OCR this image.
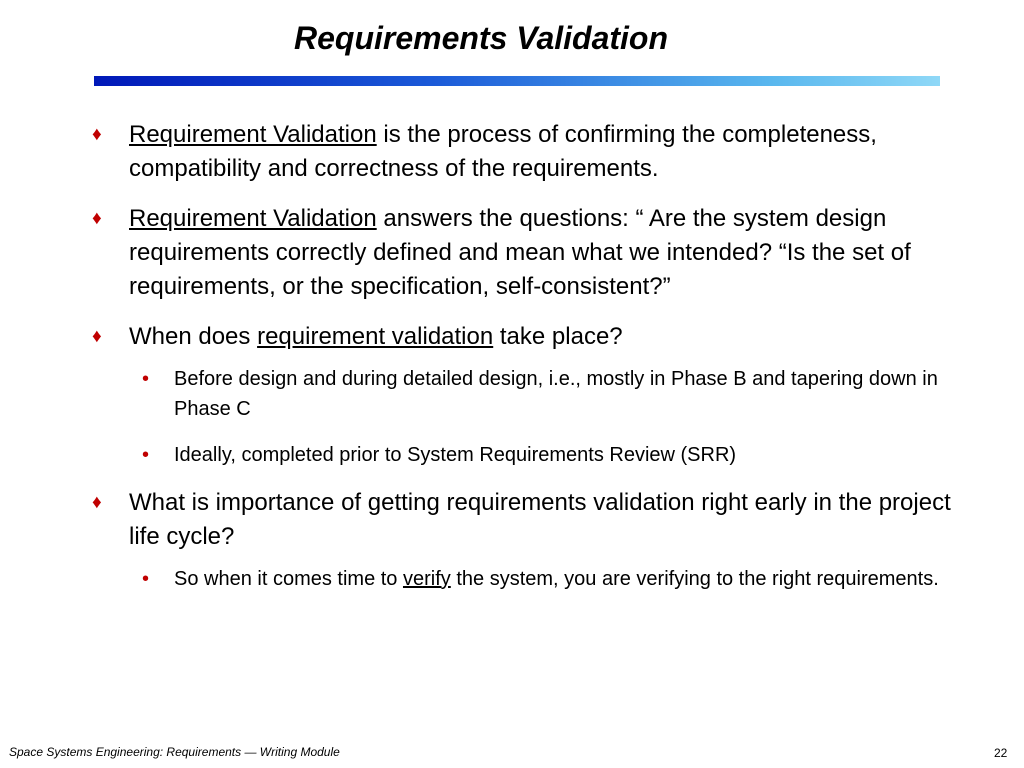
Requirements Validation
♦ Requirement Validation is the process of confirming the completeness, compatibility and correctness of the requirements.
♦ Requirement Validation answers the questions: “ Are the system design requirements correctly defined and mean what we intended? “Is the set of requirements, or the specification, self-consistent?”
♦ When does requirement validation take place?
• Before design and during detailed design, i.e., mostly in Phase B and tapering down in Phase C
• Ideally, completed prior to System Requirements Review (SRR)
♦ What is importance of getting requirements validation right early in the project life cycle?
• So when it comes time to verify the system, you are verifying to the right requirements.
Space Systems Engineering: Requirements — Writing Module	22
